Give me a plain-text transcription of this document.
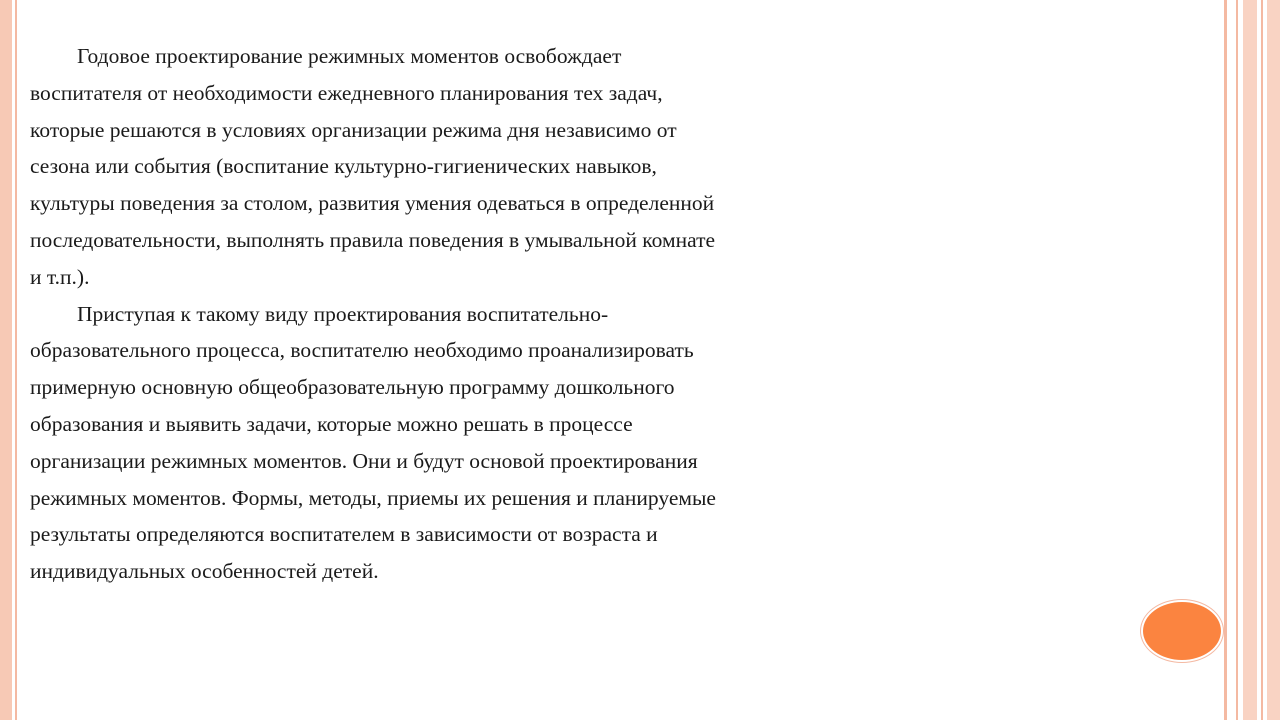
Годовое проектирование режимных моментов освобождает воспитателя от необходимости ежедневного планирования тех задач, которые решаются в условиях организации режима дня независимо от сезона или события (воспитание культурно-гигиенических навыков, культуры поведения за столом, развития умения одеваться в определенной последовательности, выполнять правила поведения в умывальной комнате и т.п.).

Приступая к такому виду проектирования воспитательно-образовательного процесса, воспитателю необходимо проанализировать примерную основную общеобразовательную программу дошкольного образования и выявить задачи, которые можно решать в процессе организации режимных моментов. Они и будут основой проектирования режимных моментов. Формы, методы, приемы их решения и планируемые результаты определяются воспитателем в зависимости от возраста и индивидуальных особенностей детей.
